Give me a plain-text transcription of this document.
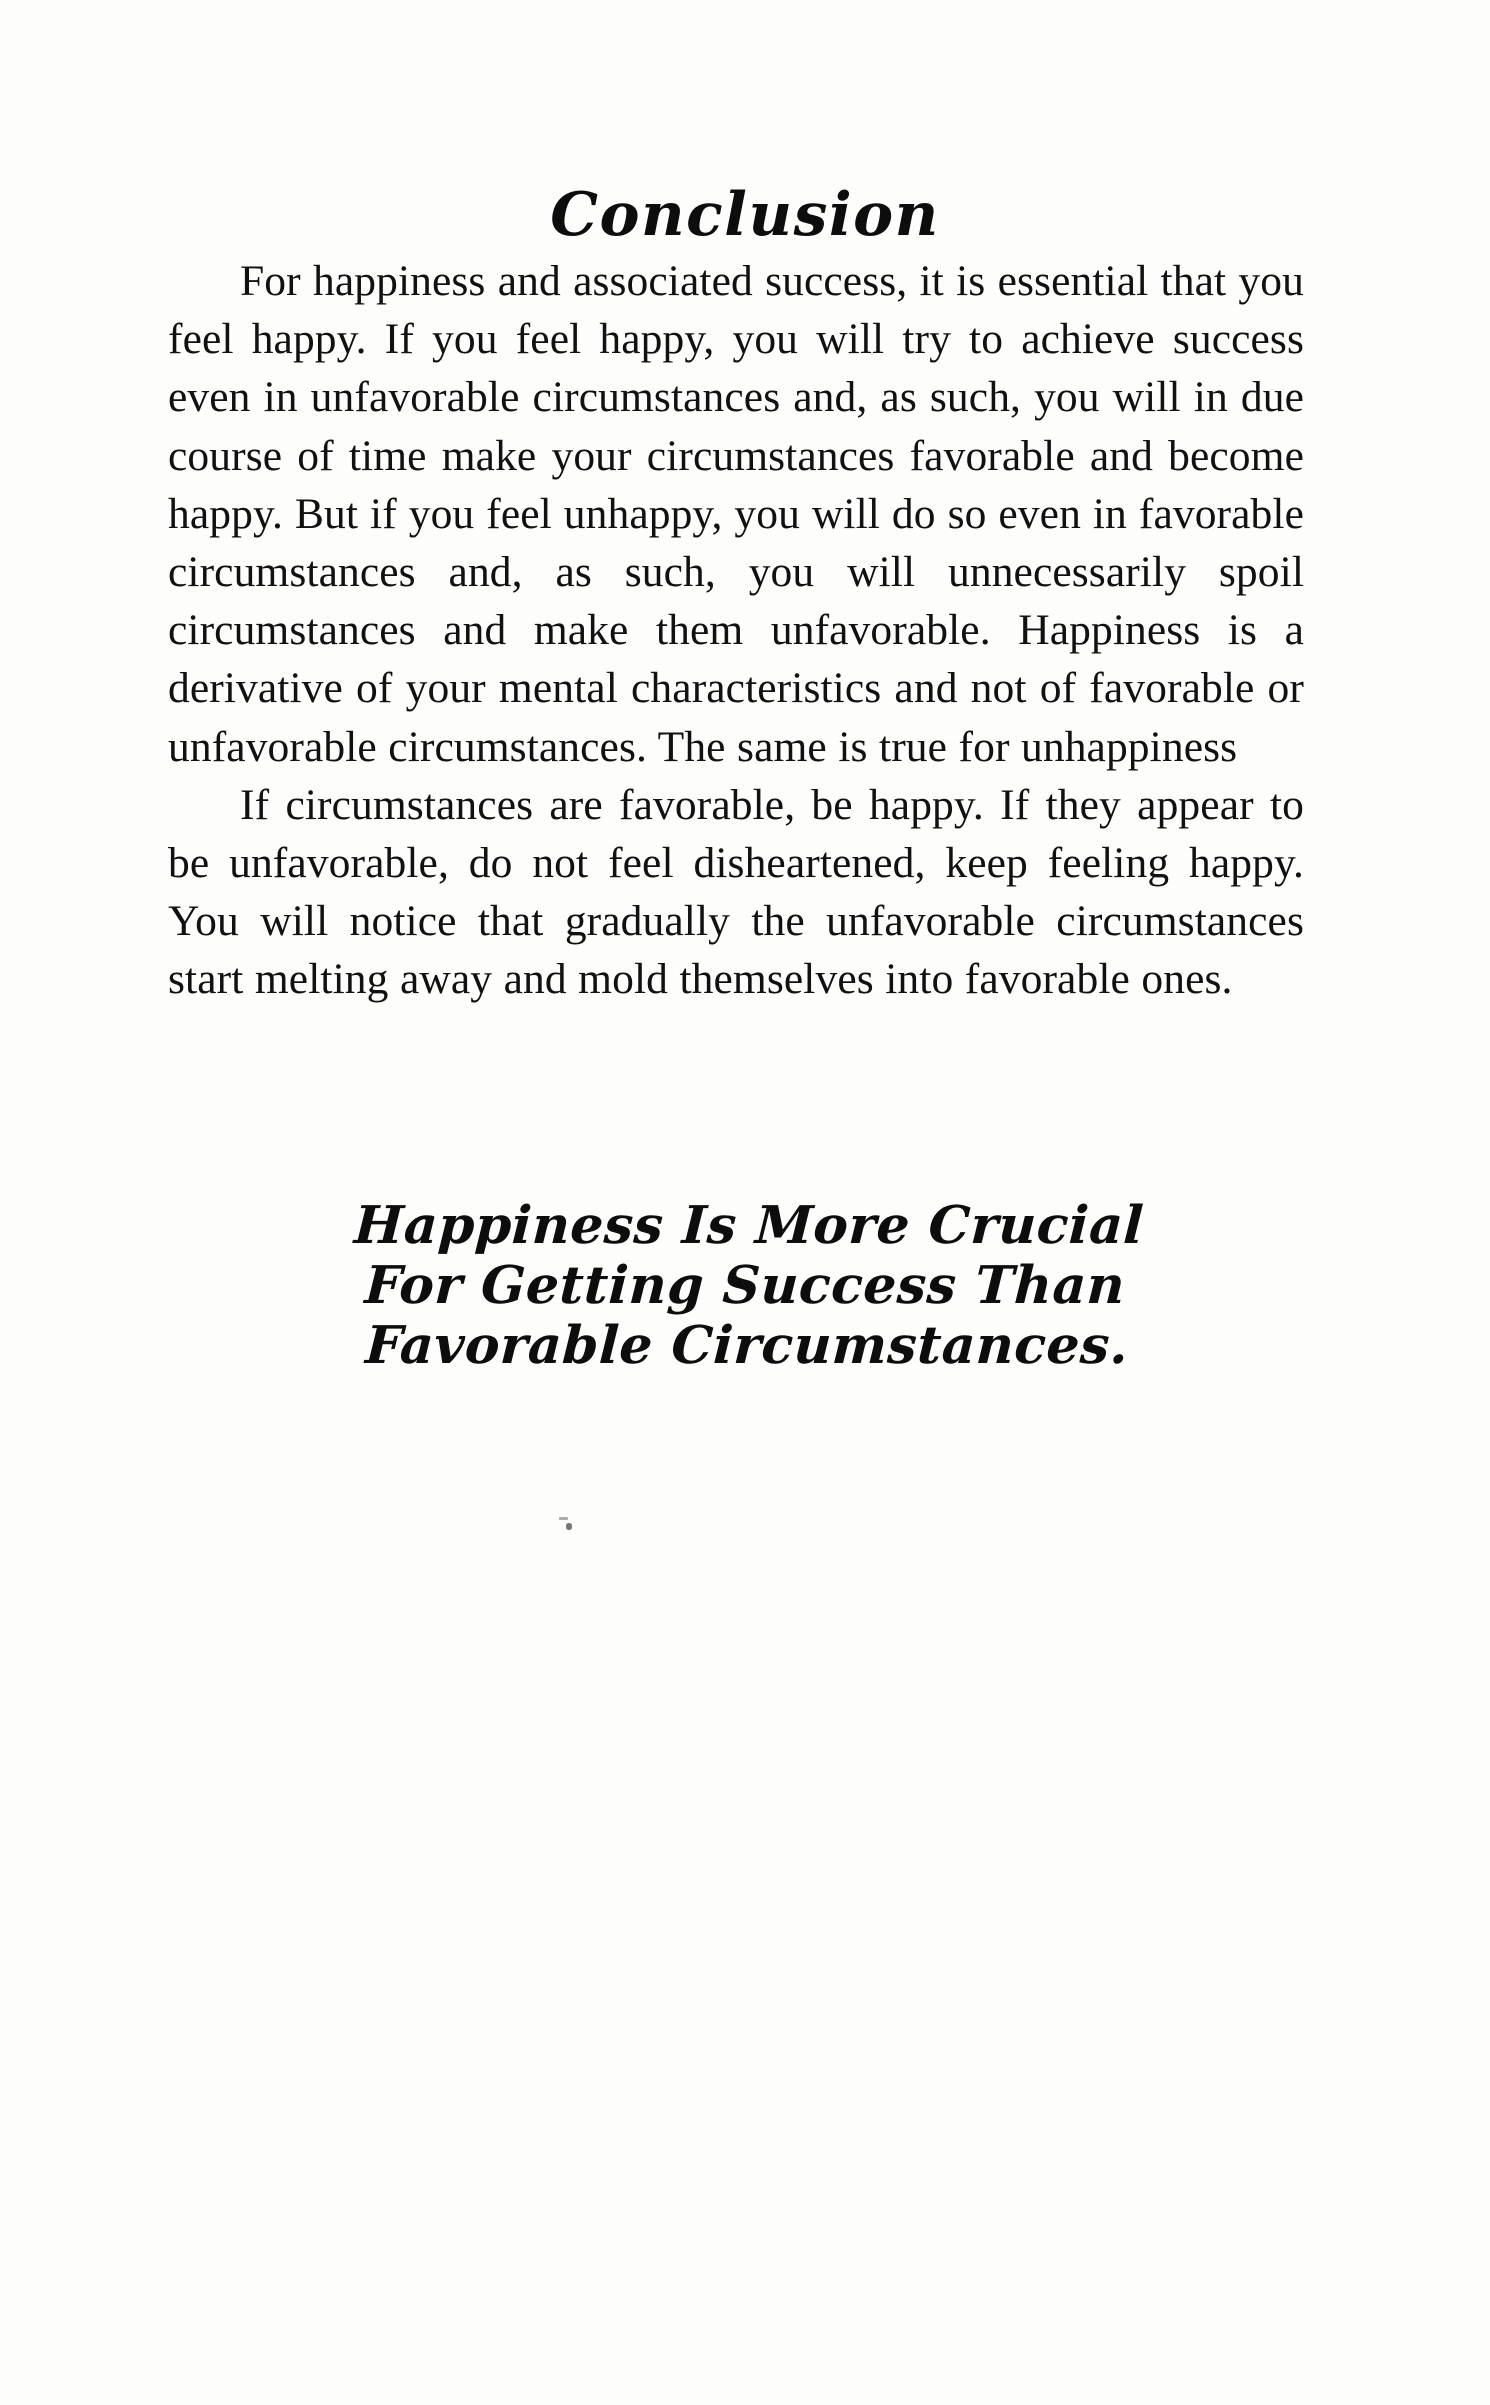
Conclusion

For happiness and associated success, it is essential that you feel happy. If you feel happy, you will try to achieve success even in unfavorable circumstances and, as such, you will in due course of time make your circumstances favorable and become happy. But if you feel unhappy, you will do so even in favorable circumstances and, as such, you will unnecessarily spoil circumstances and make them unfavorable. Happiness is a derivative of your mental characteristics and not of favorable or unfavorable circumstances. The same is true for unhappiness

If circumstances are favorable, be happy. If they appear to be unfavorable, do not feel disheartened, keep feeling happy. You will notice that gradually the unfavorable circumstances start melting away and mold themselves into favorable ones.

Happiness Is More Crucial
For Getting Success Than
Favorable Circumstances.
